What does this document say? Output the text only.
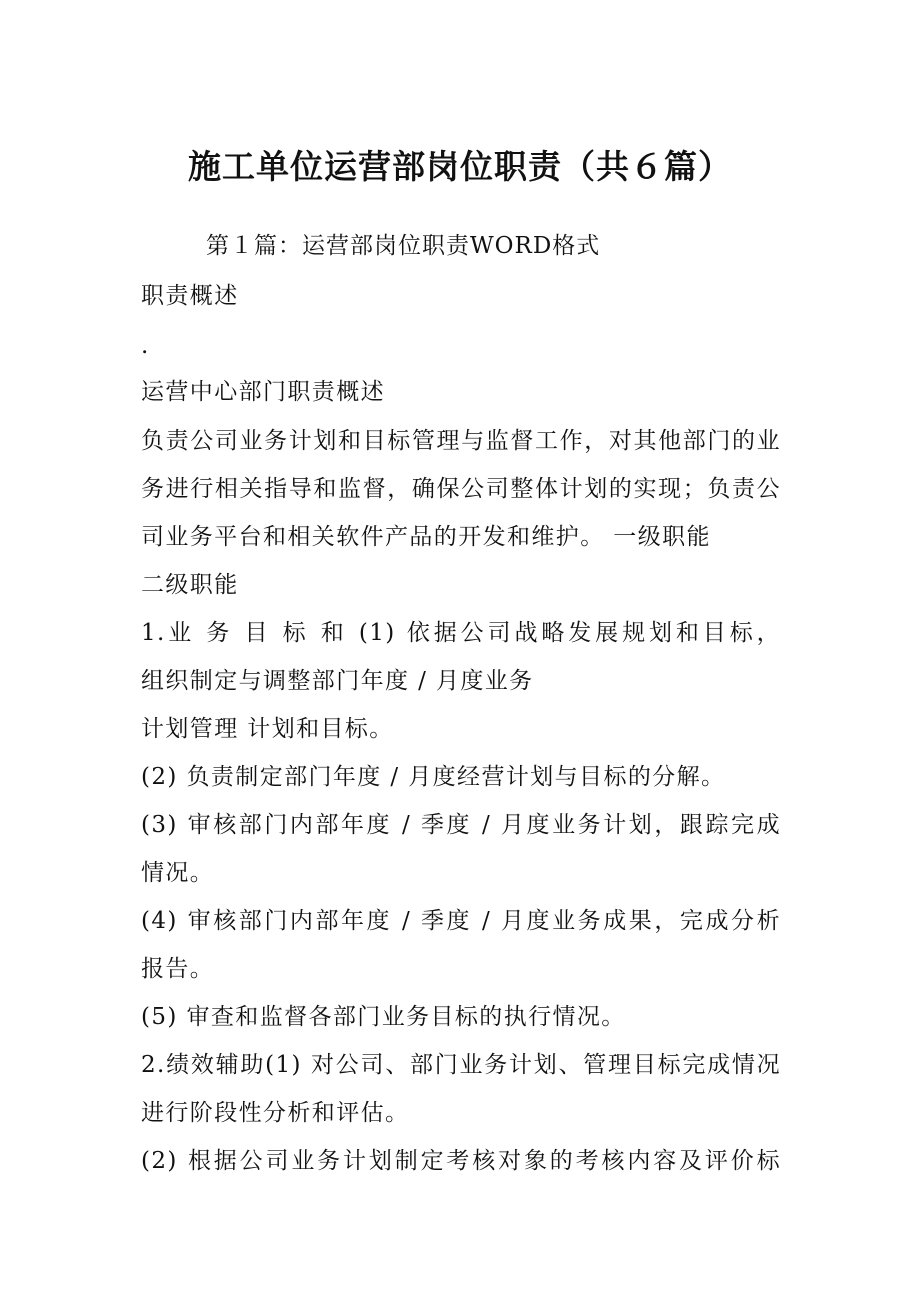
施工单位运营部岗位职责（共６篇）
第１篇：运营部岗位职责WORD格式
职责概述
.
运营中心部门职责概述
负责公司业务计划和目标管理与监督工作，对其他部门的业
务进行相关指导和监督，确保公司整体计划的实现；负责公
司业务平台和相关软件产品的开发和维护。 一级职能
二级职能
1.业 务 目 标 和 (1) 依据公司战略发展规划和目标，
组织制定与调整部门年度 / 月度业务
计划管理 计划和目标。
(2) 负责制定部门年度 / 月度经营计划与目标的分解。
(3) 审核部门内部年度 / 季度 / 月度业务计划，跟踪完成
情况。
(4) 审核部门内部年度 / 季度 / 月度业务成果，完成分析
报告。
(5) 审查和监督各部门业务目标的执行情况。
2.绩效辅助(1) 对公司、部门业务计划、管理目标完成情况
进行阶段性分析和评估。
(2) 根据公司业务计划制定考核对象的考核内容及评价标
